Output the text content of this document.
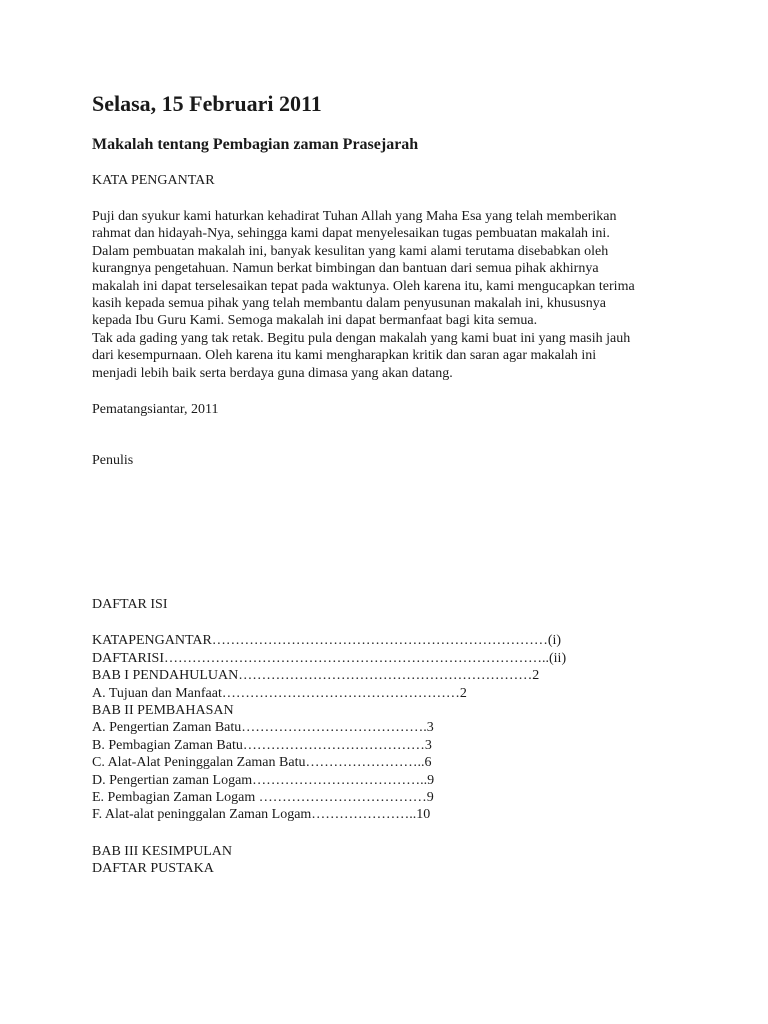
Selasa, 15 Februari 2011
Makalah tentang Pembagian zaman Prasejarah
KATA PENGANTAR
Puji dan syukur kami haturkan kehadirat Tuhan Allah yang Maha Esa yang telah memberikan
rahmat dan hidayah-Nya, sehingga kami dapat menyelesaikan tugas pembuatan makalah ini.
Dalam pembuatan makalah ini, banyak kesulitan yang kami alami terutama disebabkan oleh
kurangnya pengetahuan. Namun berkat bimbingan dan bantuan dari semua pihak akhirnya
makalah ini dapat terselesaikan tepat pada waktunya. Oleh karena itu, kami mengucapkan terima
kasih kepada semua pihak yang telah membantu dalam penyusunan makalah ini, khususnya
kepada Ibu Guru Kami. Semoga makalah ini dapat bermanfaat bagi kita semua.
Tak ada gading yang tak retak. Begitu pula dengan makalah yang kami buat ini yang masih jauh
dari kesempurnaan. Oleh karena itu kami mengharapkan kritik dan saran agar makalah ini
menjadi lebih baik serta berdaya guna dimasa yang akan datang.
Pematangsiantar, 2011
Penulis
DAFTAR ISI
KATAPENGANTAR………………………………………………………………(i)
DAFTARISI………………………………………………………………………..(ii)
BAB I PENDAHULUAN………………………………………………………2
A. Tujuan dan Manfaat……………………………………………2
BAB II PEMBAHASAN
A. Pengertian Zaman Batu………………………………….3
B. Pembagian Zaman Batu…………………………………3
C. Alat-Alat Peninggalan Zaman Batu……………………..6
D. Pengertian zaman Logam………………………………..9
E. Pembagian Zaman Logam ………………………………9
F. Alat-alat peninggalan Zaman Logam…………………..10
BAB III KESIMPULAN
DAFTAR PUSTAKA
